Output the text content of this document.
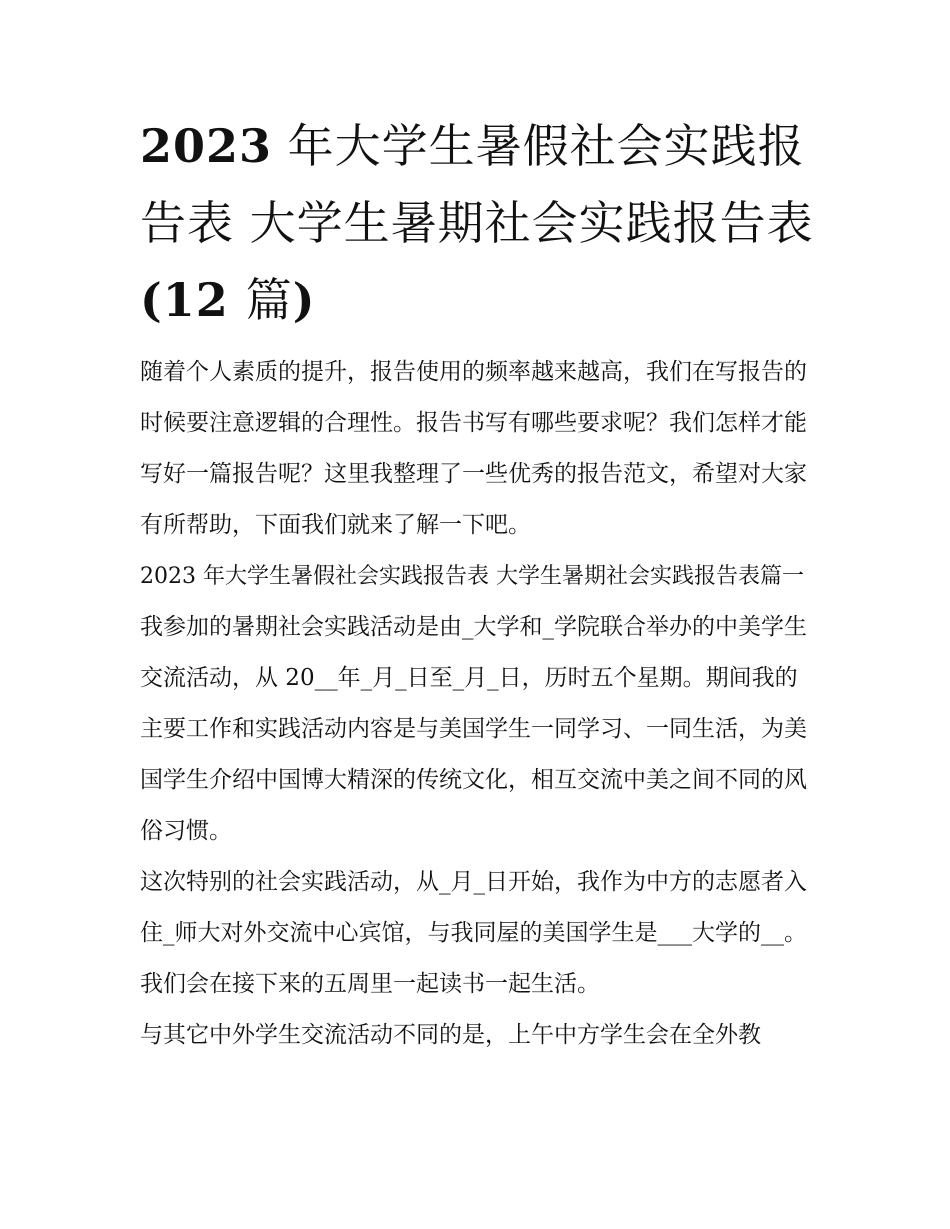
2023 年大学生暑假社会实践报告表 大学生暑期社会实践报告表(12 篇)

随着个人素质的提升，报告使用的频率越来越高，我们在写报告的时候要注意逻辑的合理性。报告书写有哪些要求呢？我们怎样才能写好一篇报告呢？这里我整理了一些优秀的报告范文，希望对大家有所帮助，下面我们就来了解一下吧。

2023 年大学生暑假社会实践报告表 大学生暑期社会实践报告表篇一

我参加的暑期社会实践活动是由_大学和_学院联合举办的中美学生交流活动，从 20__年_月_日至_月_日，历时五个星期。期间我的主要工作和实践活动内容是与美国学生一同学习、一同生活，为美国学生介绍中国博大精深的传统文化，相互交流中美之间不同的风俗习惯。

这次特别的社会实践活动，从_月_日开始，我作为中方的志愿者入住_师大对外交流中心宾馆，与我同屋的美国学生是___大学的__。我们会在接下来的五周里一起读书一起生活。

与其它中外学生交流活动不同的是，上午中方学生会在全外教
